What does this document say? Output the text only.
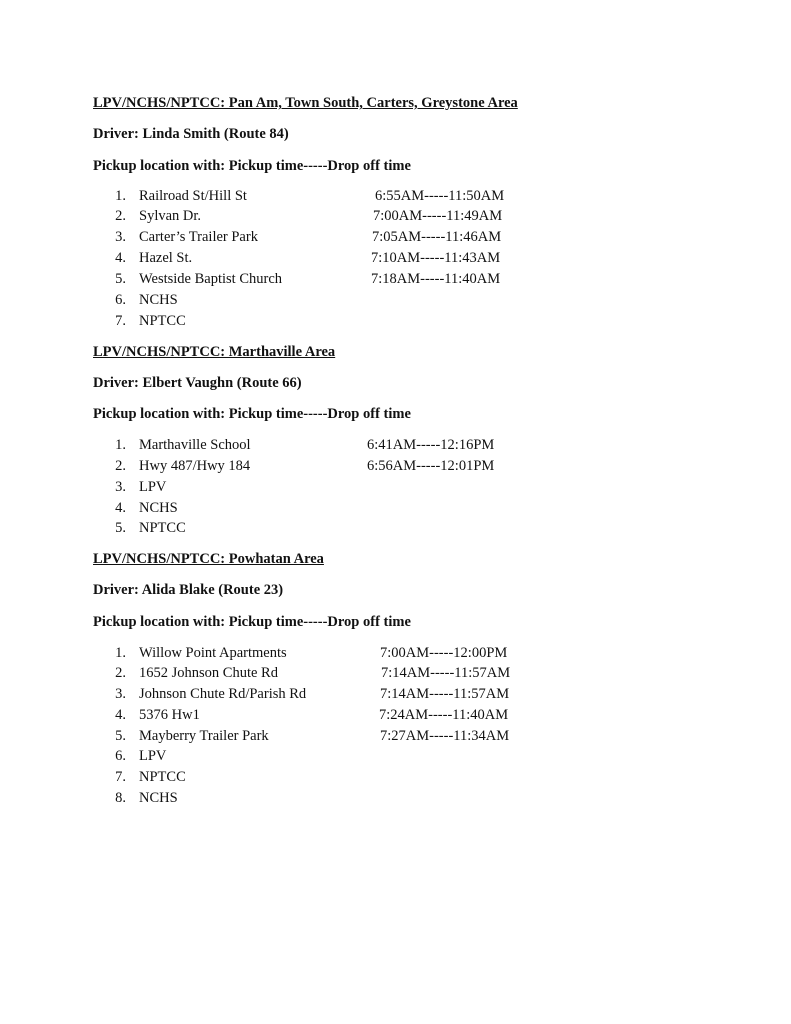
LPV/NCHS/NPTCC: Pan Am, Town South, Carters, Greystone Area
Driver: Linda Smith (Route 84)
Pickup location with: Pickup time-----Drop off time
1. Railroad St/Hill St	6:55AM-----11:50AM
2. Sylvan Dr.	7:00AM-----11:49AM
3. Carter’s Trailer Park	7:05AM-----11:46AM
4. Hazel St.	7:10AM-----11:43AM
5. Westside Baptist Church	7:18AM-----11:40AM
6. NCHS
7. NPTCC
LPV/NCHS/NPTCC: Marthaville Area
Driver: Elbert Vaughn (Route 66)
Pickup location with: Pickup time-----Drop off time
1. Marthaville School	6:41AM-----12:16PM
2. Hwy 487/Hwy 184	6:56AM-----12:01PM
3. LPV
4. NCHS
5. NPTCC
LPV/NCHS/NPTCC: Powhatan Area
Driver: Alida Blake (Route 23)
Pickup location with: Pickup time-----Drop off time
1. Willow Point Apartments	7:00AM-----12:00PM
2. 1652 Johnson Chute Rd	7:14AM-----11:57AM
3. Johnson Chute Rd/Parish Rd	7:14AM-----11:57AM
4. 5376 Hw1	7:24AM-----11:40AM
5. Mayberry Trailer Park	7:27AM-----11:34AM
6. LPV
7. NPTCC
8. NCHS
